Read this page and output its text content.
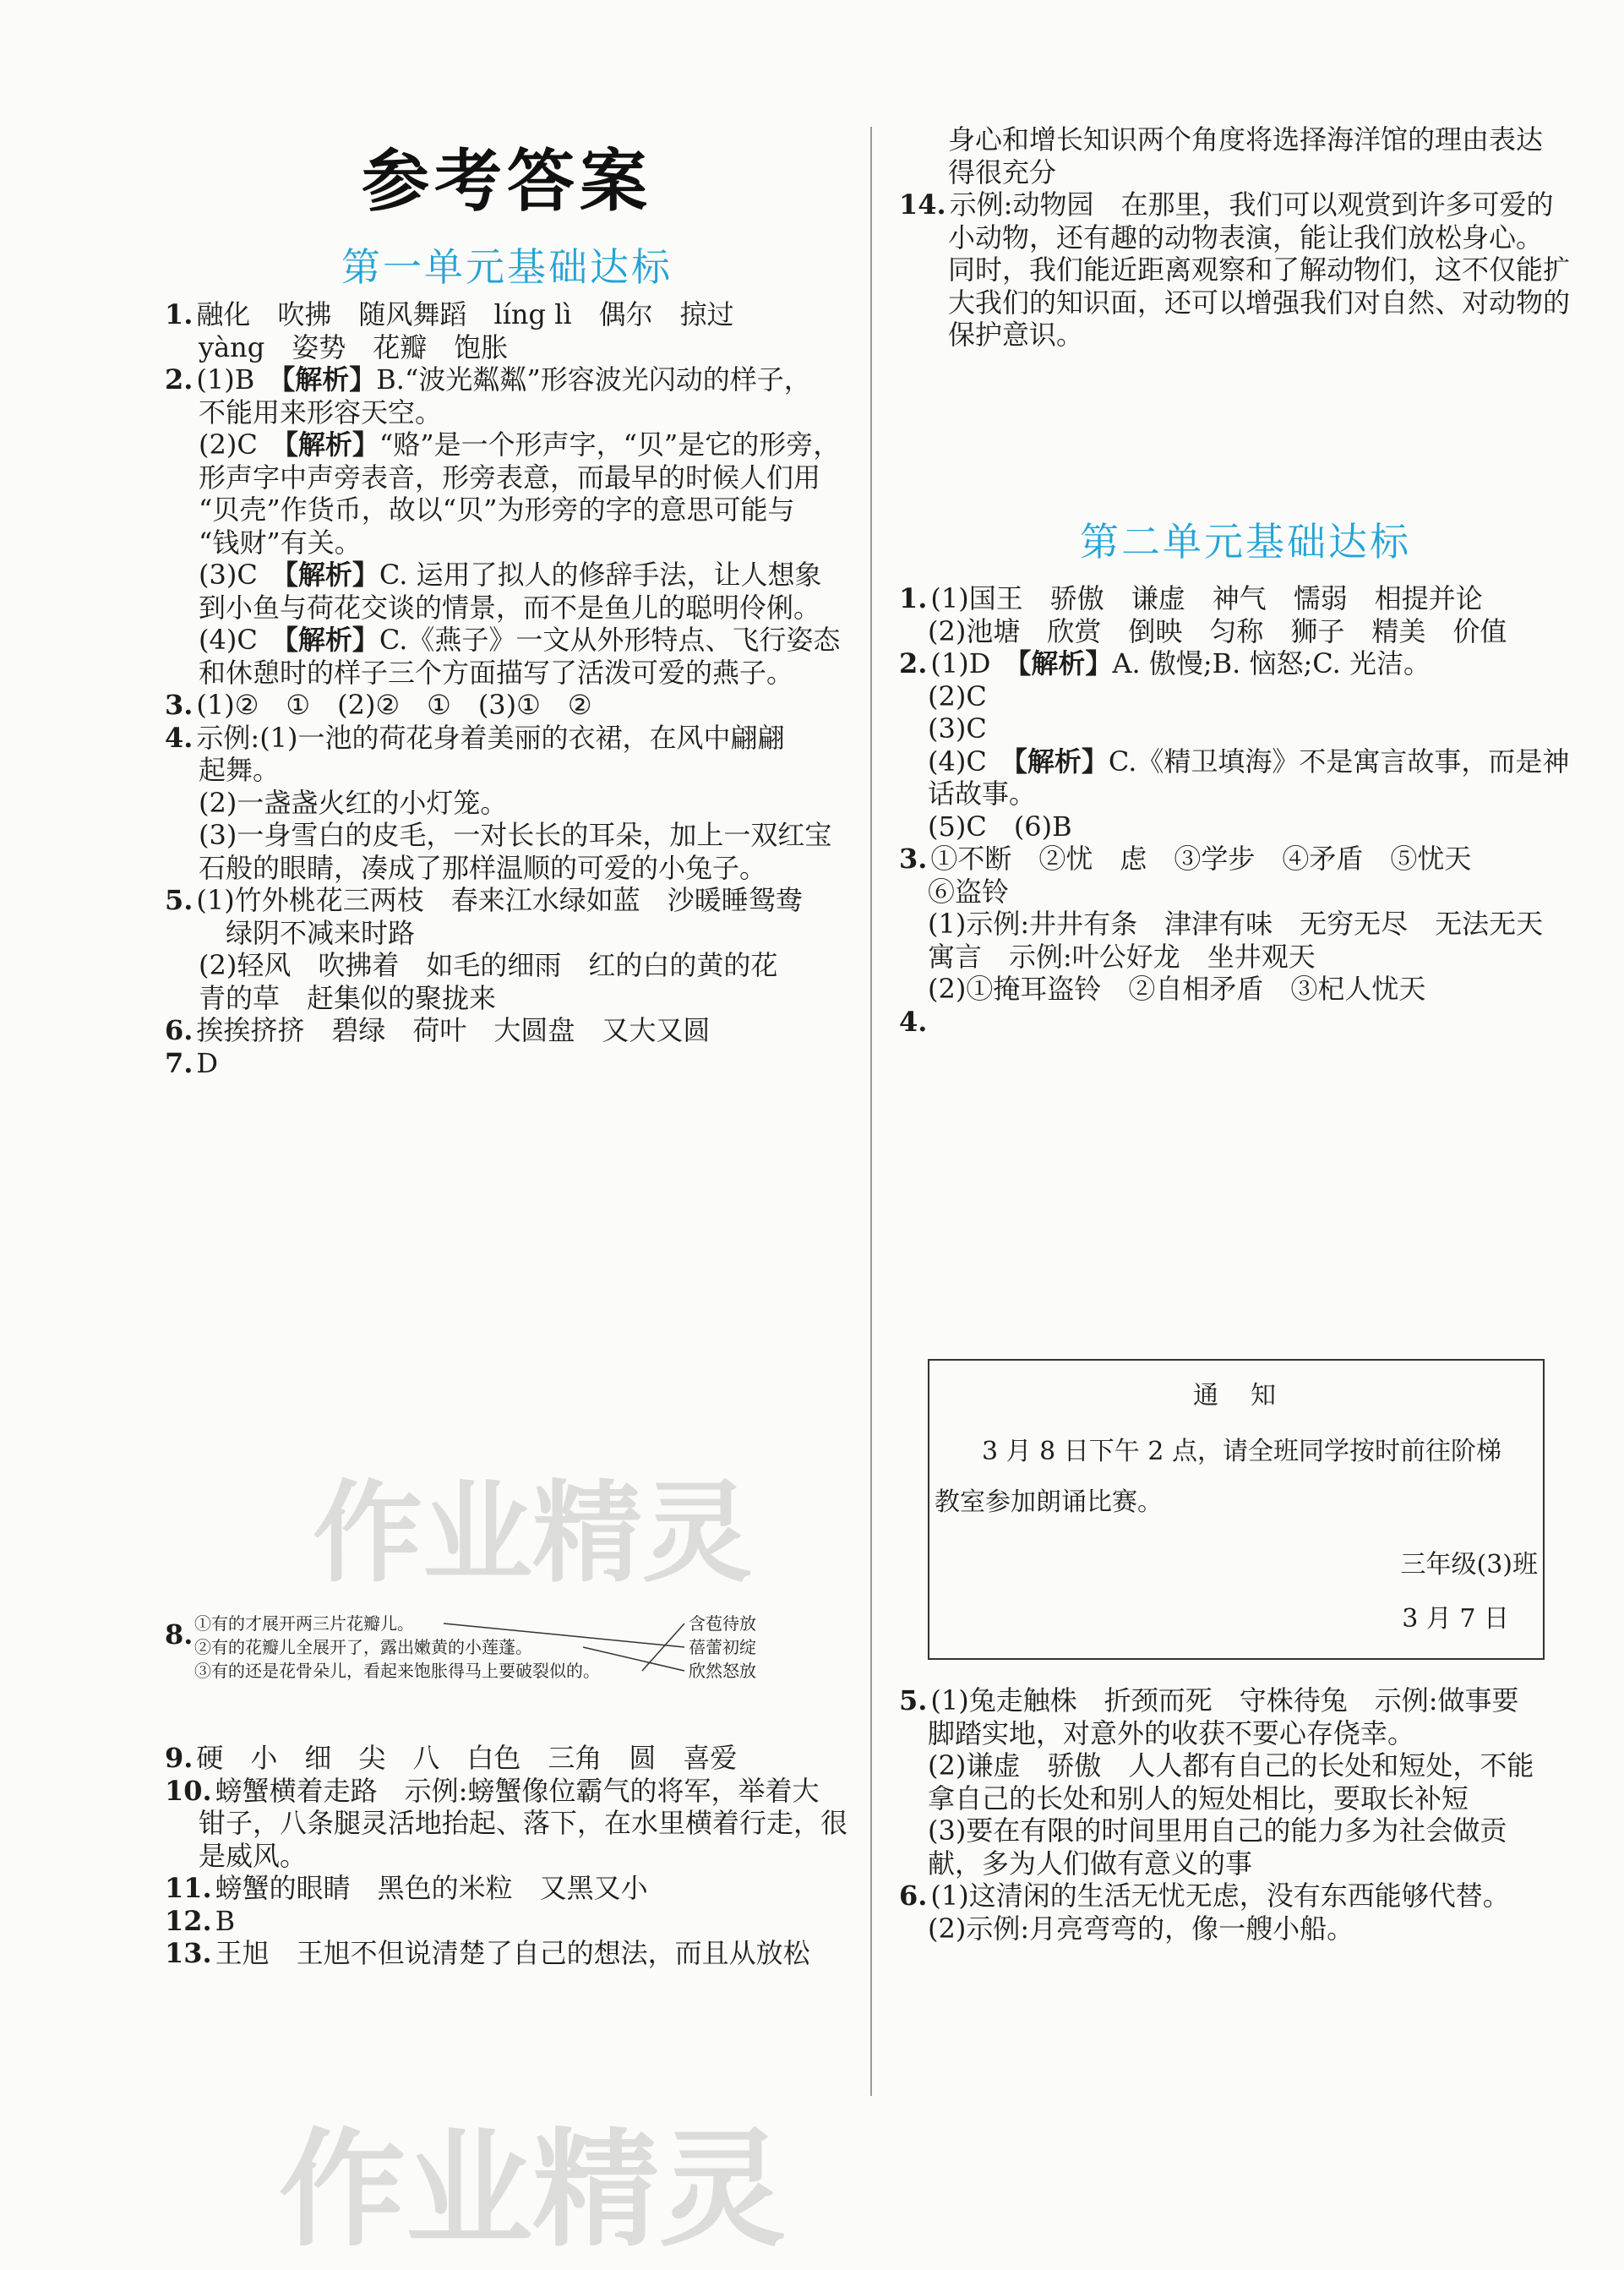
参考答案
第一单元基础达标
1. 融化　吹拂　随风舞蹈　líng lì　偶尔　掠过
yàng　姿势　花瓣　饱胀
2. (1)B　【解析】B.“波光粼粼”形容波光闪动的样子，
不能用来形容天空。
(2)C　【解析】“赂”是一个形声字，“贝”是它的形旁，
形声字中声旁表音，形旁表意，而最早的时候人们用
“贝壳”作货币，故以“贝”为形旁的字的意思可能与
“钱财”有关。
(3)C　【解析】C. 运用了拟人的修辞手法，让人想象
到小鱼与荷花交谈的情景，而不是鱼儿的聪明伶俐。
(4)C　【解析】C.《燕子》一文从外形特点、飞行姿态
和休憩时的样子三个方面描写了活泼可爱的燕子。
3. (1)②　①　(2)②　①　(3)①　②
4. 示例:(1)一池的荷花身着美丽的衣裙，在风中翩翩
起舞。
(2)一盏盏火红的小灯笼。
(3)一身雪白的皮毛，一对长长的耳朵，加上一双红宝
石般的眼睛，凑成了那样温顺的可爱的小兔子。
5. (1)竹外桃花三两枝　春来江水绿如蓝　沙暖睡鸳鸯
　绿阴不减来时路
(2)轻风　吹拂着　如毛的细雨　红的白的黄的花
青的草　赶集似的聚拢来
6. 挨挨挤挤　碧绿　荷叶　大圆盘　又大又圆
7. D
8. ①有的才展开两三片花瓣儿。
②有的花瓣儿全展开了，露出嫩黄的小莲蓬。
③有的还是花骨朵儿，看起来饱胀得马上要破裂似的。
含苞待放
蓓蕾初绽
欣然怒放
9. 硬　小　细　尖　八　白色　三角　圆　喜爱
10. 螃蟹横着走路　示例:螃蟹像位霸气的将军，举着大
钳子，八条腿灵活地抬起、落下，在水里横着行走，很
是威风。
11. 螃蟹的眼睛　黑色的米粒　又黑又小
12. B
13. 王旭　王旭不但说清楚了自己的想法，而且从放松
身心和增长知识两个角度将选择海洋馆的理由表达
得很充分
14. 示例:动物园　在那里，我们可以观赏到许多可爱的
小动物，还有趣的动物表演，能让我们放松身心。
同时，我们能近距离观察和了解动物们，这不仅能扩
大我们的知识面，还可以增强我们对自然、对动物的
保护意识。
第二单元基础达标
1. (1)国王　骄傲　谦虚　神气　懦弱　相提并论
(2)池塘　欣赏　倒映　匀称　狮子　精美　价值
2. (1)D　【解析】A. 傲慢;B. 恼怒;C. 光洁。
(2)C
(3)C
(4)C　【解析】C.《精卫填海》不是寓言故事，而是神
话故事。
(5)C　(6)B
3. ①不断　②忧　虑　③学步　④矛盾　⑤忧天
⑥盗铃
(1)示例:井井有条　津津有味　无穷无尽　无法无天
寓言　示例:叶公好龙　坐井观天
(2)①掩耳盗铃　②自相矛盾　③杞人忧天
4.
通　知
3 月 8 日下午 2 点，请全班同学按时前往阶梯
教室参加朗诵比赛。
三年级(3)班
3 月 7 日
5. (1)兔走触株　折颈而死　守株待兔　示例:做事要
脚踏实地，对意外的收获不要心存侥幸。
(2)谦虚　骄傲　人人都有自己的长处和短处，不能
拿自己的长处和别人的短处相比，要取长补短
(3)要在有限的时间里用自己的能力多为社会做贡
献，多为人们做有意义的事
6. (1)这清闲的生活无忧无虑，没有东西能够代替。
(2)示例:月亮弯弯的，像一艘小船。
作业精灵
作业精灵
